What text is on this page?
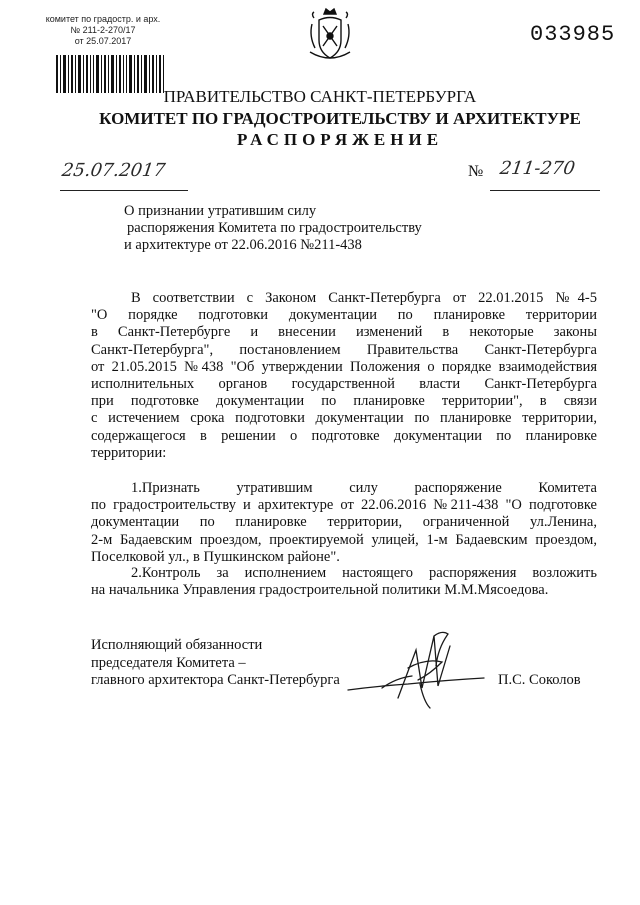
комитет по градостр. и арх.
№ 211-2-270/17
от 25.07.2017	033985
ПРАВИТЕЛЬСТВО САНКТ-ПЕТЕРБУРГА
КОМИТЕТ ПО ГРАДОСТРОИТЕЛЬСТВУ И АРХИТЕКТУРЕ
РАСПОРЯЖЕНИЕ
25.07.2017	№ 211-270
О признании утратившим силу
распоряжения Комитета по градостроительству
и архитектуре от 22.06.2016 №211-438
В соответствии с Законом Санкт-Петербурга от 22.01.2015 №4-5
"О порядке подготовки документации по планировке территории
в Санкт-Петербурге и внесении изменений в некоторые законы
Санкт-Петербурга", постановлением Правительства Санкт-Петербурга
от 21.05.2015 №438 "Об утверждении Положения о порядке взаимодействия
исполнительных органов государственной власти Санкт-Петербурга
при подготовке документации по планировке территории", в связи
с истечением срока подготовки документации по планировке территории,
содержащегося в решении о подготовке документации по планировке
территории:
1.Признать утратившим силу распоряжение Комитета
по градостроительству и архитектуре от 22.06.2016 №211-438 "О подготовке
документации по планировке территории, ограниченной ул.Ленина,
2-м Бадаевским проездом, проектируемой улицей, 1-м Бадаевским проездом,
Поселковой ул., в Пушкинском районе".
2.Контроль за исполнением настоящего распоряжения возложить
на начальника Управления градостроительной политики М.М.Мясоедова.
Исполняющий обязанности
председателя Комитета –
главного архитектора Санкт-Петербурга	П.С. Соколов
